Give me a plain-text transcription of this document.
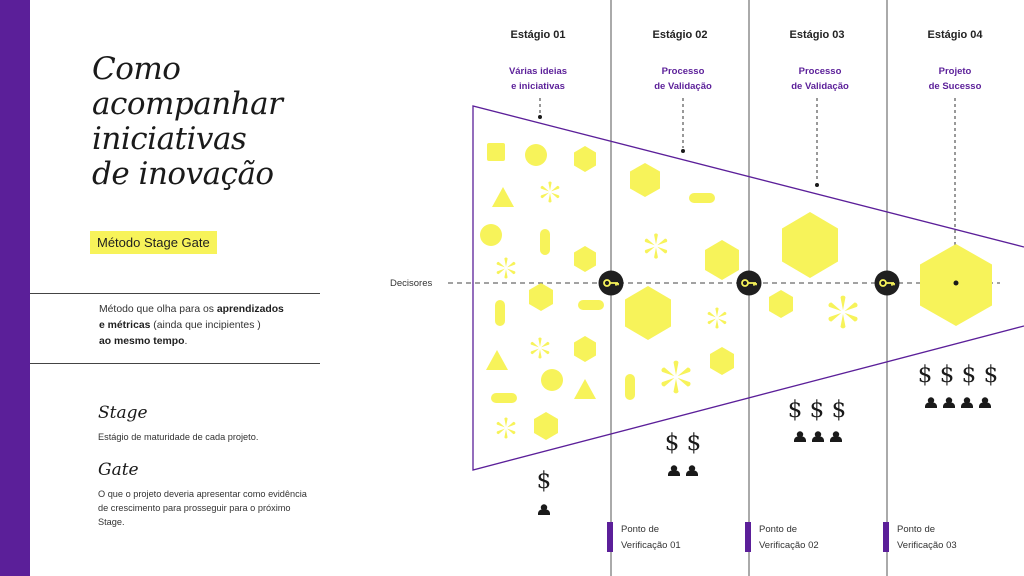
Como
acompanhar
iniciativas
de inovação
Método Stage Gate

Método que olha para os aprendizados
e métricas (ainda que incipientes )
ao mesmo tempo.

Stage

Estágio de maturidade de cada projeto.

Gate

O que o projeto deveria apresentar como evidência de crescimento para prosseguir para o próximo Stage.

Decisores
Estágio 01
Várias ideias
e iniciativas
Estágio 02
Processo
de Validação
Estágio 03
Processo
de Validação
Estágio 04
Projeto
de Sucesso
$
$ $
$ $ $
$ $ $ $
Ponto de
Verificação 01
Ponto de
Verificação 02
Ponto de
Verificação 03
